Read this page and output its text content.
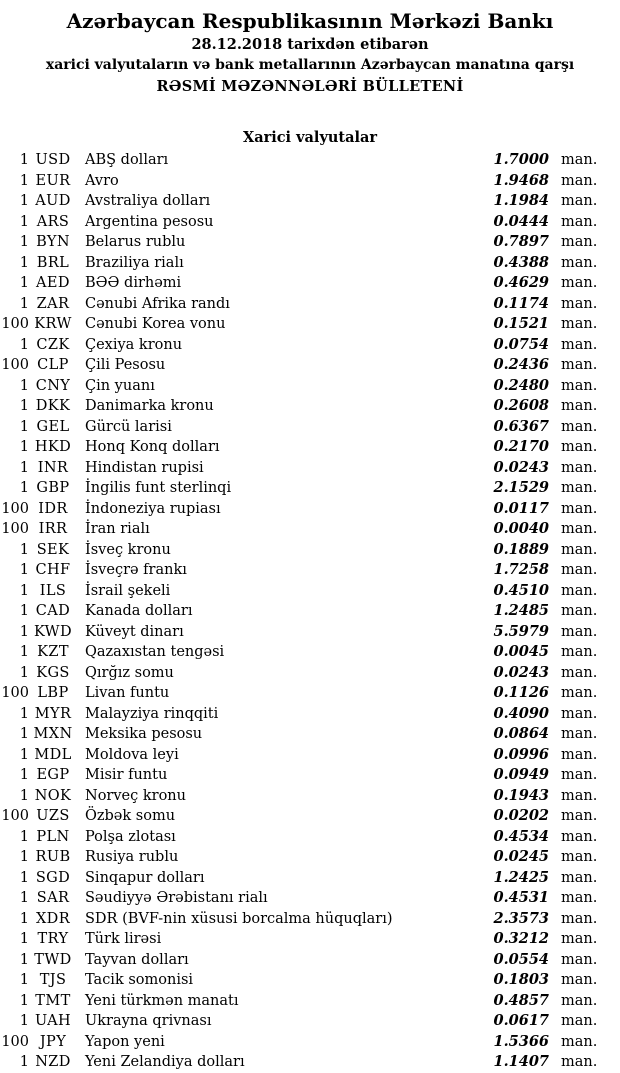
Azərbaycan Respublikasının Mərkəzi Bankı
28.12.2018 tarixdən etibarən
xarici valyutaların və bank metallarının Azərbaycan manatına qarşı
RƏSMİ MƏZƏNNƏLƏRİ BÜLLETENİ
Xarici valyutalar
1 USD	ABŞ dolları	1.7000 man.
1 EUR	Avro	1.9468 man.
1 AUD Avstraliya dolları	1.1984 man.
1 ARS	Argentina pesosu	0.0444 man.
1 BYN	Belarus rublu	0.7897 man.
1 BRL	Braziliya rialı	0.4388 man.
1 AED	BƏƏ dirhəmi	0.4629 man.
1 ZAR	Cənubi Afrika randı	0.1174 man.
100 KRW Cənubi Korea vonu	0.1521 man.
1 CZK	Çexiya kronu	0.0754 man.
100 CLP	Çili Pesosu	0.2436 man.
1 CNY	Çin yuanı	0.2480 man.
1 DKK	Danimarka kronu	0.2608 man.
1 GEL	Gürcü larisi	0.6367 man.
1 HKD Honq Konq dolları	0.2170 man.
1 INR	Hindistan rupisi	0.0243 man.
1 GBP	İngilis funt sterlinqi	2.1529 man.
100 IDR	İndoneziya rupiası	0.0117 man.
100 IRR	İran rialı	0.0040 man.
1 SEK	İsveç kronu	0.1889 man.
1 CHF	İsveçrə frankı	1.7258 man.
1 ILS	İsrail şekeli	0.4510 man.
1 CAD	Kanada dolları	1.2485 man.
1 KWD Küveyt dinarı	5.5979 man.
1 KZT	Qazaxıstan tengəsi	0.0045 man.
1 KGS	Qırğız somu	0.0243 man.
100 LBP	Livan funtu	0.1126 man.
1 MYR Malayziya rinqqiti	0.4090 man.
1 MXN Meksika pesosu	0.0864 man.
1 MDL Moldova leyi	0.0996 man.
1 EGP	Misir funtu	0.0949 man.
1 NOK Norveç kronu	0.1943 man.
100 UZS	Özbək somu	0.0202 man.
1 PLN	Polşa zlotası	0.4534 man.
1 RUB	Rusiya rublu	0.0245 man.
1 SGD	Sinqapur dolları	1.2425 man.
1 SAR	Səudiyyə Ərəbistanı rialı	0.4531 man.
1 XDR	SDR (BVF-nin xüsusi borcalma hüquqları)	2.3573 man.
1 TRY	Türk lirəsi	0.3212 man.
1 TWD Tayvan dolları	0.0554 man.
1 TJS	Tacik somonisi	0.1803 man.
1 TMT Yeni türkmən manatı	0.4857 man.
1 UAH Ukrayna qrivnası	0.0617 man.
100 JPY	Yapon yeni	1.5366 man.
1 NZD Yeni Zelandiya dolları	1.1407 man.
